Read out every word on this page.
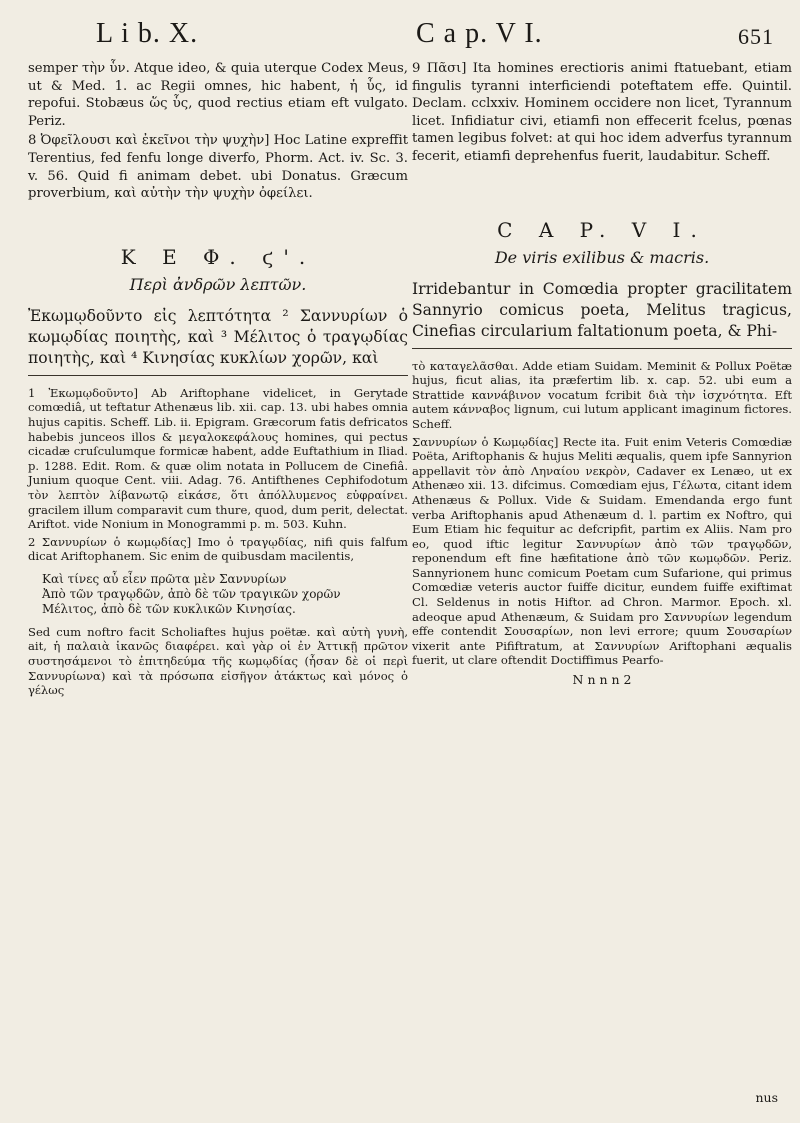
L i b. X.	C a p. V I.	651

semper τὴν ὗν. Atque ideo, & quia uterque Codex Meus, ut & Med. 1. ac Regii omnes, hic habent, ἡ ὗς, id repofui. Stobæus ὥς ὗς, quod rectius etiam eft vulgato. Periz.

8 Ὀφεῖλουσι καὶ ἐκεῖνοι τὴν ψυχὴν] Hoc Latine expreffit Terentius, fed fenfu longe diverfo, Phorm. Act. iv. Sc. 3. v. 56. Quid fi animam debet. ubi Donatus. Græcum proverbium, καὶ αὐτὴν τὴν ψυχὴν ὀφείλει.

Κ Ε Φ. ϛ'.
Περὶ ἀνδρῶν λεπτῶν.

Ἐκωμῳδοῦντο εἰς λεπτότητα ² Σαννυρίων ὁ κωμῳδίας ποιητὴς, καὶ ³ Μέλιτος ὁ τραγῳδίας ποιητὴς, καὶ ⁴ Κινησίας κυκλίων χορῶν, καὶ

1 Ἐκωμῳδοῦντο] Ab Ariftophane videlicet, in Gerytade comœdiâ, ut teftatur Athenæus lib. xii. cap. 13. ubi habes omnia hujus capitis. Scheff. Lib. ii. Epigram. Græcorum fatis defricatos habebis junceos illos & μεγαλοκεφάλους homines, qui pectus cicadæ cruſculumque formicæ habent, adde Euftathium in Iliad. p. 1288. Edit. Rom. & quæ olim notata in Pollucem de Cinefiâ. Junium quoque Cent. viii. Adag. 76. Antifthenes Cephifodotum τὸν λεπτὸν λίβανωτῷ εἰκάσε, ὅτι ἀπόλλυμενος εὐφραίνει. gracilem illum comparavit cum thure, quod, dum perit, delectat. Ariftot. vide Nonium in Monogrammi p. m. 503. Kuhn.

2 Σαννυρίων ὁ κωμῳδίας] Imo ὁ τραγῳδίας, nifi quis falfum dicat Ariftophanem. Sic enim de quibusdam macilentis,

Καὶ τίνες αὖ εἶεν πρῶτα μὲν Σαννυρίων
Ἀπὸ τῶν τραγῳδῶν, ἀπὸ δὲ τῶν τραγικῶν χορῶν
Μέλιτος, ἀπὸ δὲ τῶν κυκλικῶν Κινησίας.

Sed cum noftro facit Scholiaftes hujus poëtæ. καὶ αὐτὴ γυνὴ, ait, ἡ παλαιὰ ἱκανῶς διαφέρει. καὶ γὰρ οἱ ἐν Ἀττικῇ πρῶτον συστησάμενοι τὸ ἐπιτηδεύμα τῆς κωμῳδίας (ἦσαν δὲ οἱ περὶ Σαννυρίωνα) καὶ τὰ πρόσωπα εἰσῆγον ἀτάκτως καὶ μόνος ὁ γέλως

9 Πᾶσι] Ita homines erectioris animi ftatuebant, etiam fingulis tyranni interficiendi poteftatem effe. Quintil. Declam. cclxxiv. Hominem occidere non licet, Tyrannum licet. Infidiatur civi, etiamfi non effecerit fcelus, pœnas tamen legibus folvet: at qui hoc idem adverfus tyrannum fecerit, etiamfi deprehenfus fuerit, laudabitur. Scheff.

C A P. V I.
De viris exilibus & macris.

Irridebantur in Comœdia propter gracilitatem Sannyrio comicus poeta, Melitus tragicus, Cinefias circularium faltationum poeta, & Phi-

τὸ καταγελᾶσθαι. Adde etiam Suidam. Meminit & Pollux Poëtæ hujus, ficut alias, ita præfertim lib. x. cap. 52. ubi eum a Strattide καννάβινον vocatum fcribit διὰ τὴν ἰσχνότητα. Eft autem κάνναβος lignum, cui lutum applicant imaginum fictores. Scheff.

Σαννυρίων ὁ Κωμῳδίας] Recte ita. Fuit enim Veteris Comœdiæ Poëta, Ariftophanis & hujus Meliti æqualis, quem ipfe Sannyrion appellavit τὸν ἀπὸ Ληναίου νεκρὸν, Cadaver ex Lenæo, ut ex Athenæo xii. 13. difcimus. Comœdiam ejus, Γέλωτα, citant idem Athenæus & Pollux. Vide & Suidam. Emendanda ergo funt verba Ariftophanis apud Athenæum d. l. partim ex Noftro, qui Eum Etiam hic fequitur ac defcripfit, partim ex Aliis. Nam pro eo, quod iftic legitur Σαννυρίων ἀπὸ τῶν τραγῳδῶν, reponendum eft fine hæfitatione ἀπὸ τῶν κωμῳδῶν. Periz. Sannyrionem hunc comicum Poetam cum Sufarione, qui primus Comœdiæ veteris auctor fuiffe dicitur, eundem fuiffe exiftimat Cl. Seldenus in notis Hiftor. ad Chron. Marmor. Epoch. xl. adeoque apud Athenæum, & Suidam pro Σαννυρίων legendum effe contendit Σουσαρίων, non levi errore; quum Σουσαρίων vixerit ante Pififtratum, at Σαννυρίων Ariftophani æqualis fuerit, ut clare oftendit Doctiffimus Pearfo-

N n n n 2
nus
